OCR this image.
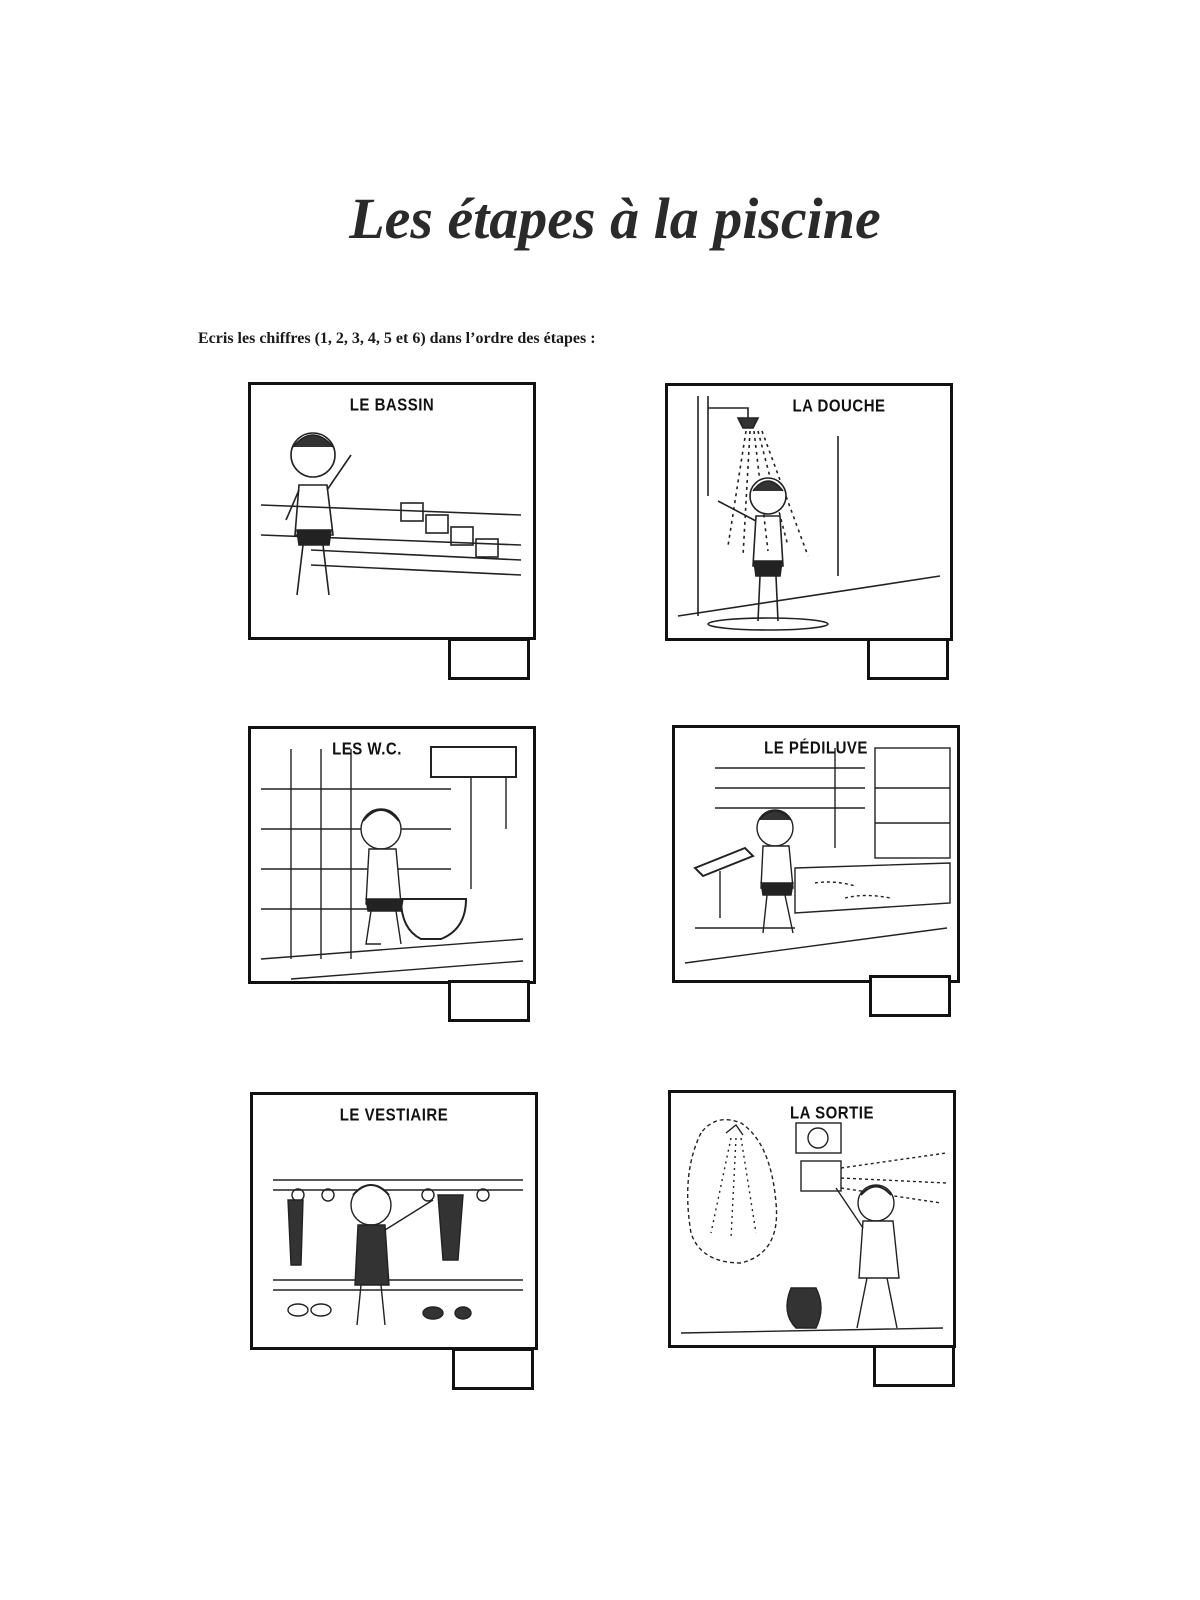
Les étapes à la piscine
Ecris les chiffres (1, 2, 3, 4, 5 et 6) dans l’ordre des étapes :
LE BASSIN	LA DOUCHE
LES W.C.	LE PÉDILUVE
LE VESTIAIRE	LA SORTIE
